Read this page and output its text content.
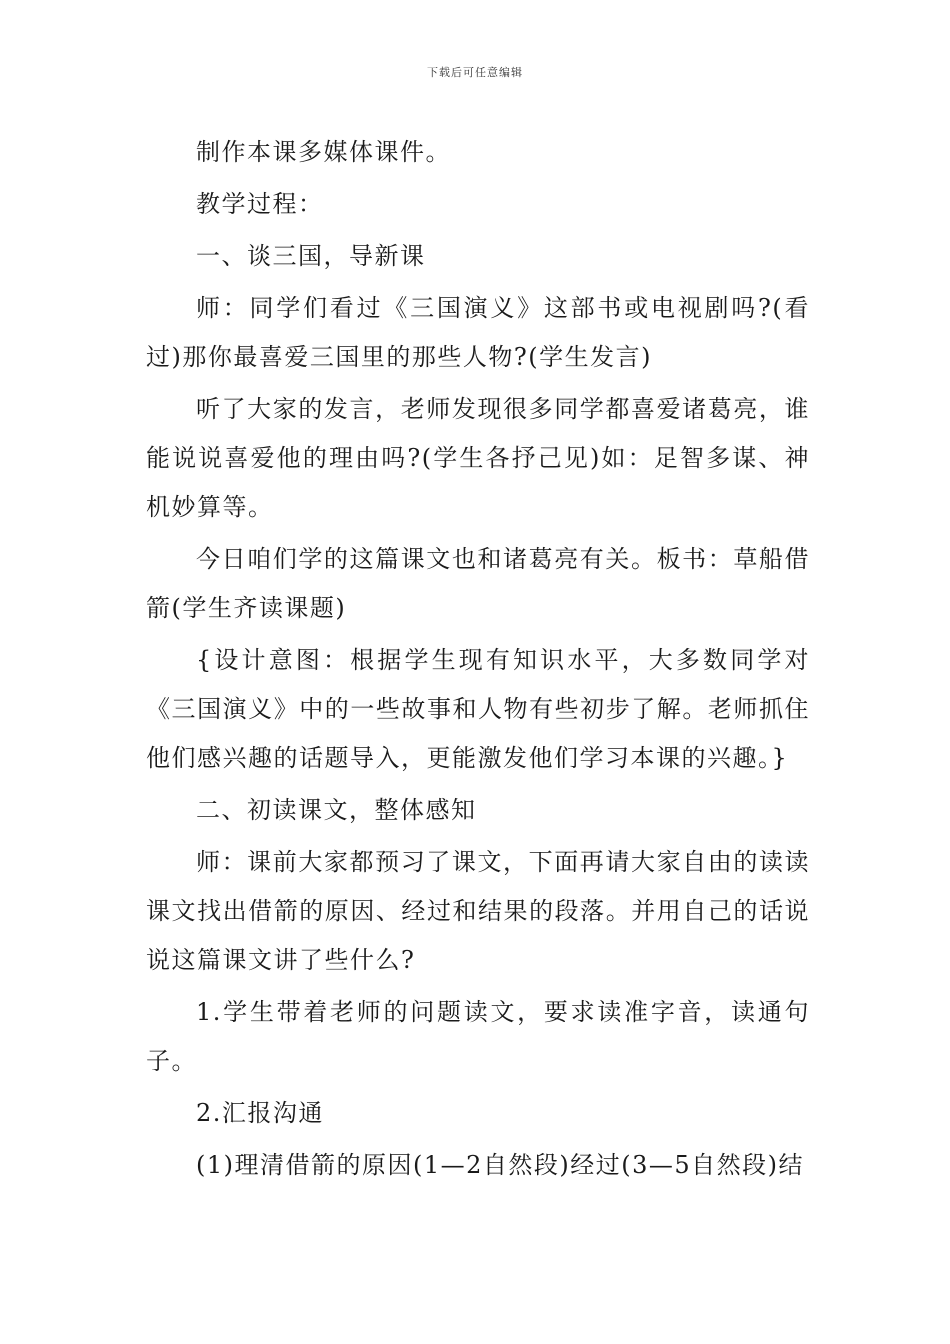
下载后可任意编辑

制作本课多媒体课件。

教学过程：

一、谈三国，导新课

师：同学们看过《三国演义》这部书或电视剧吗?(看过)那你最喜爱三国里的那些人物?(学生发言)

听了大家的发言，老师发现很多同学都喜爱诸葛亮，谁能说说喜爱他的理由吗?(学生各抒己见)如：足智多谋、神机妙算等。

今日咱们学的这篇课文也和诸葛亮有关。板书：草船借箭(学生齐读课题)

{设计意图：根据学生现有知识水平，大多数同学对《三国演义》中的一些故事和人物有些初步了解。老师抓住他们感兴趣的话题导入，更能激发他们学习本课的兴趣。}

二、初读课文，整体感知

师：课前大家都预习了课文，下面再请大家自由的读读课文找出借箭的原因、经过和结果的段落。并用自己的话说说这篇课文讲了些什么?

1.学生带着老师的问题读文，要求读准字音，读通句子。

2.汇报沟通

(1)理清借箭的原因(1—2自然段)经过(3—5自然段)结
